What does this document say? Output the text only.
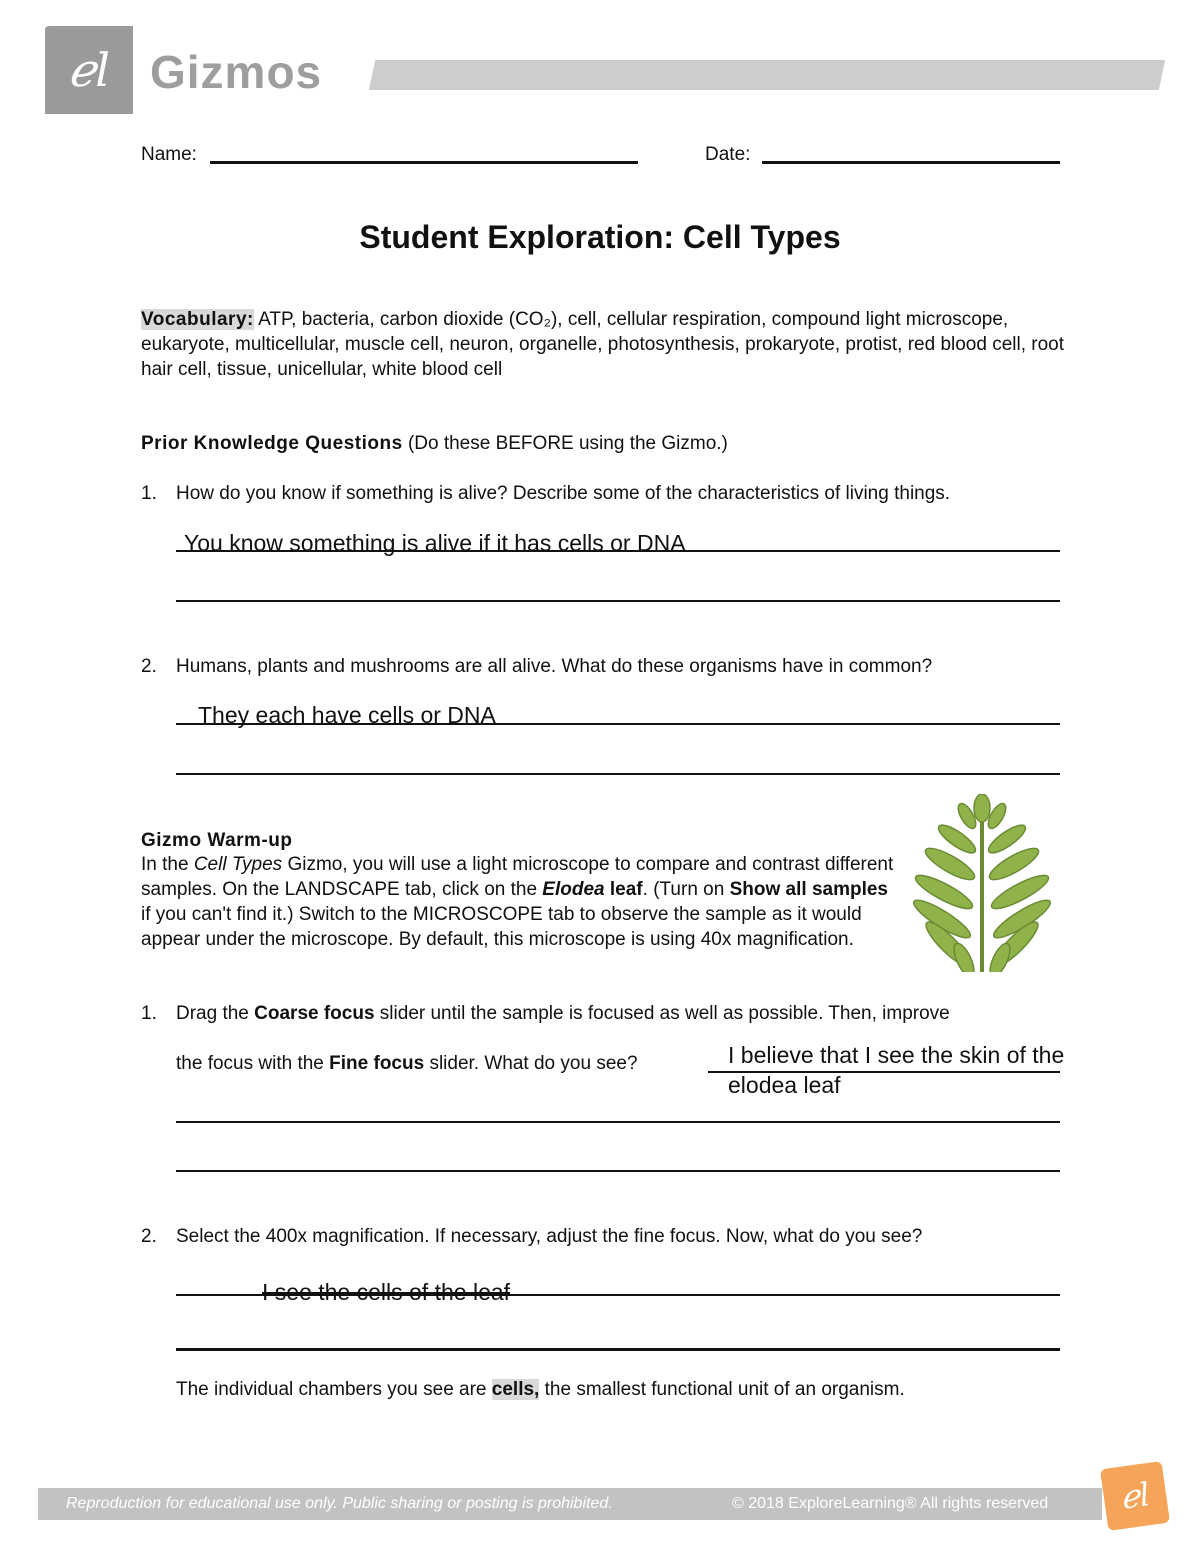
ℯl Gizmos
Name:	Date:
Student Exploration: Cell Types
Vocabulary: ATP, bacteria, carbon dioxide (CO₂), cell, cellular respiration, compound light microscope, eukaryote, multicellular, muscle cell, neuron, organelle, photosynthesis, prokaryote, protist, red blood cell, root hair cell, tissue, unicellular, white blood cell
Prior Knowledge Questions (Do these BEFORE using the Gizmo.)
1. How do you know if something is alive? Describe some of the characteristics of living things.
You know something is alive if it has cells or DNA
2. Humans, plants and mushrooms are all alive. What do these organisms have in common?
They each have cells or DNA
Gizmo Warm-up
In the Cell Types Gizmo, you will use a light microscope to compare and contrast different samples. On the LANDSCAPE tab, click on the Elodea leaf. (Turn on Show all samples if you can't find it.) Switch to the MICROSCOPE tab to observe the sample as it would appear under the microscope. By default, this microscope is using 40x magnification.
1. Drag the Coarse focus slider until the sample is focused as well as possible. Then, improve
the focus with the Fine focus slider. What do you see?	I believe that I see the skin of the
elodea leaf
2. Select the 400x magnification. If necessary, adjust the fine focus. Now, what do you see?
I see the cells of the leaf
The individual chambers you see are cells, the smallest functional unit of an organism.
Reproduction for educational use only. Public sharing or posting is prohibited.	© 2018 ExploreLearning® All rights reserved	ℯl
